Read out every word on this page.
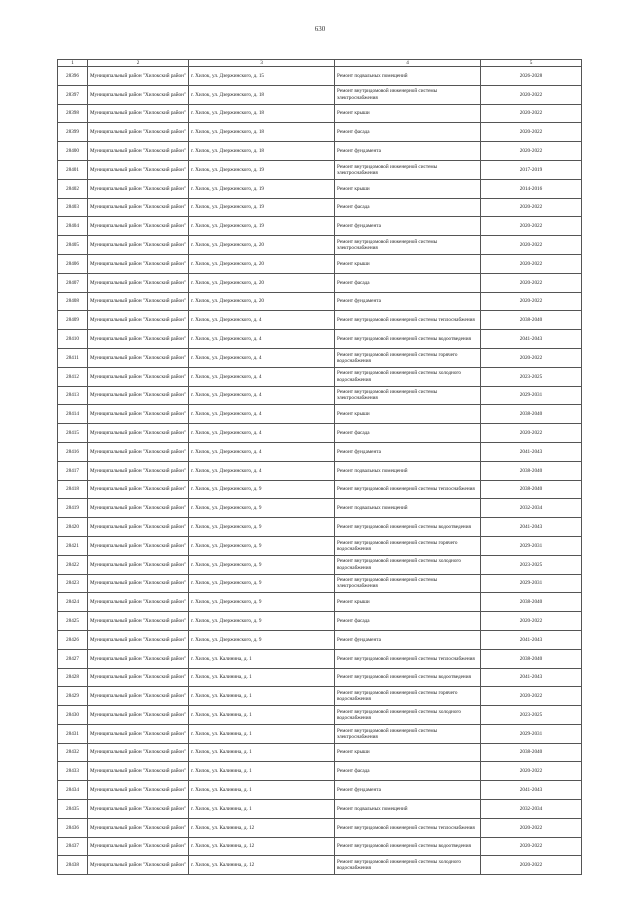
630
1	2	3	4	5
28396	Муниципальный район "Хилокский район"	г. Хилок, ул. Дзержинского, д. 15	Ремонт подвальных помещений	2026-2028
28397	Муниципальный район "Хилокский район"	г. Хилок, ул. Дзержинского, д. 18	Ремонт внутридомовой инженерной системы электроснабжения	2020-2022
28398	Муниципальный район "Хилокский район"	г. Хилок, ул. Дзержинского, д. 18	Ремонт крыши	2020-2022
28399	Муниципальный район "Хилокский район"	г. Хилок, ул. Дзержинского, д. 18	Ремонт фасада	2020-2022
28400	Муниципальный район "Хилокский район"	г. Хилок, ул. Дзержинского, д. 18	Ремонт фундамента	2020-2022
28401	Муниципальный район "Хилокский район"	г. Хилок, ул. Дзержинского, д. 19	Ремонт внутридомовой инженерной системы электроснабжения	2017-2019
28402	Муниципальный район "Хилокский район"	г. Хилок, ул. Дзержинского, д. 19	Ремонт крыши	2014-2016
28403	Муниципальный район "Хилокский район"	г. Хилок, ул. Дзержинского, д. 19	Ремонт фасада	2020-2022
28404	Муниципальный район "Хилокский район"	г. Хилок, ул. Дзержинского, д. 19	Ремонт фундамента	2020-2022
28405	Муниципальный район "Хилокский район"	г. Хилок, ул. Дзержинского, д. 20	Ремонт внутридомовой инженерной системы электроснабжения	2020-2022
28406	Муниципальный район "Хилокский район"	г. Хилок, ул. Дзержинского, д. 20	Ремонт крыши	2020-2022
28407	Муниципальный район "Хилокский район"	г. Хилок, ул. Дзержинского, д. 20	Ремонт фасада	2020-2022
28408	Муниципальный район "Хилокский район"	г. Хилок, ул. Дзержинского, д. 20	Ремонт фундамента	2020-2022
28409	Муниципальный район "Хилокский район"	г. Хилок, ул. Дзержинского, д. 4	Ремонт внутридомовой инженерной системы теплоснабжения	2038-2040
28410	Муниципальный район "Хилокский район"	г. Хилок, ул. Дзержинского, д. 4	Ремонт внутридомовой инженерной системы водоотведения	2041-2043
28411	Муниципальный район "Хилокский район"	г. Хилок, ул. Дзержинского, д. 4	Ремонт внутридомовой инженерной системы горячего водоснабжения	2020-2022
28412	Муниципальный район "Хилокский район"	г. Хилок, ул. Дзержинского, д. 4	Ремонт внутридомовой инженерной системы холодного водоснабжения	2023-2025
28413	Муниципальный район "Хилокский район"	г. Хилок, ул. Дзержинского, д. 4	Ремонт внутридомовой инженерной системы электроснабжения	2029-2031
28414	Муниципальный район "Хилокский район"	г. Хилок, ул. Дзержинского, д. 4	Ремонт крыши	2038-2040
28415	Муниципальный район "Хилокский район"	г. Хилок, ул. Дзержинского, д. 4	Ремонт фасада	2020-2022
28416	Муниципальный район "Хилокский район"	г. Хилок, ул. Дзержинского, д. 4	Ремонт фундамента	2041-2043
28417	Муниципальный район "Хилокский район"	г. Хилок, ул. Дзержинского, д. 4	Ремонт подвальных помещений	2038-2040
28418	Муниципальный район "Хилокский район"	г. Хилок, ул. Дзержинского, д. 9	Ремонт внутридомовой инженерной системы теплоснабжения	2038-2040
28419	Муниципальный район "Хилокский район"	г. Хилок, ул. Дзержинского, д. 9	Ремонт подвальных помещений	2032-2034
28420	Муниципальный район "Хилокский район"	г. Хилок, ул. Дзержинского, д. 9	Ремонт внутридомовой инженерной системы водоотведения	2041-2043
28421	Муниципальный район "Хилокский район"	г. Хилок, ул. Дзержинского, д. 9	Ремонт внутридомовой инженерной системы горячего водоснабжения	2029-2031
28422	Муниципальный район "Хилокский район"	г. Хилок, ул. Дзержинского, д. 9	Ремонт внутридомовой инженерной системы холодного водоснабжения	2023-2025
28423	Муниципальный район "Хилокский район"	г. Хилок, ул. Дзержинского, д. 9	Ремонт внутридомовой инженерной системы электроснабжения	2029-2031
28424	Муниципальный район "Хилокский район"	г. Хилок, ул. Дзержинского, д. 9	Ремонт крыши	2038-2040
28425	Муниципальный район "Хилокский район"	г. Хилок, ул. Дзержинского, д. 9	Ремонт фасада	2020-2022
28426	Муниципальный район "Хилокский район"	г. Хилок, ул. Дзержинского, д. 9	Ремонт фундамента	2041-2043
28427	Муниципальный район "Хилокский район"	г. Хилок, ул. Калинина, д. 1	Ремонт внутридомовой инженерной системы теплоснабжения	2038-2040
28428	Муниципальный район "Хилокский район"	г. Хилок, ул. Калинина, д. 1	Ремонт внутридомовой инженерной системы водоотведения	2041-2043
28429	Муниципальный район "Хилокский район"	г. Хилок, ул. Калинина, д. 1	Ремонт внутридомовой инженерной системы горячего водоснабжения	2020-2022
28430	Муниципальный район "Хилокский район"	г. Хилок, ул. Калинина, д. 1	Ремонт внутридомовой инженерной системы холодного водоснабжения	2023-2025
28431	Муниципальный район "Хилокский район"	г. Хилок, ул. Калинина, д. 1	Ремонт внутридомовой инженерной системы электроснабжения	2029-2031
28432	Муниципальный район "Хилокский район"	г. Хилок, ул. Калинина, д. 1	Ремонт крыши	2038-2040
28433	Муниципальный район "Хилокский район"	г. Хилок, ул. Калинина, д. 1	Ремонт фасада	2020-2022
28434	Муниципальный район "Хилокский район"	г. Хилок, ул. Калинина, д. 1	Ремонт фундамента	2041-2043
28435	Муниципальный район "Хилокский район"	г. Хилок, ул. Калинина, д. 1	Ремонт подвальных помещений	2032-2034
28436	Муниципальный район "Хилокский район"	г. Хилок, ул. Калинина, д. 12	Ремонт внутридомовой инженерной системы теплоснабжения	2020-2022
28437	Муниципальный район "Хилокский район"	г. Хилок, ул. Калинина, д. 12	Ремонт внутридомовой инженерной системы водоотведения	2020-2022
28438	Муниципальный район "Хилокский район"	г. Хилок, ул. Калинина, д. 12	Ремонт внутридомовой инженерной системы холодного водоснабжения	2020-2022
